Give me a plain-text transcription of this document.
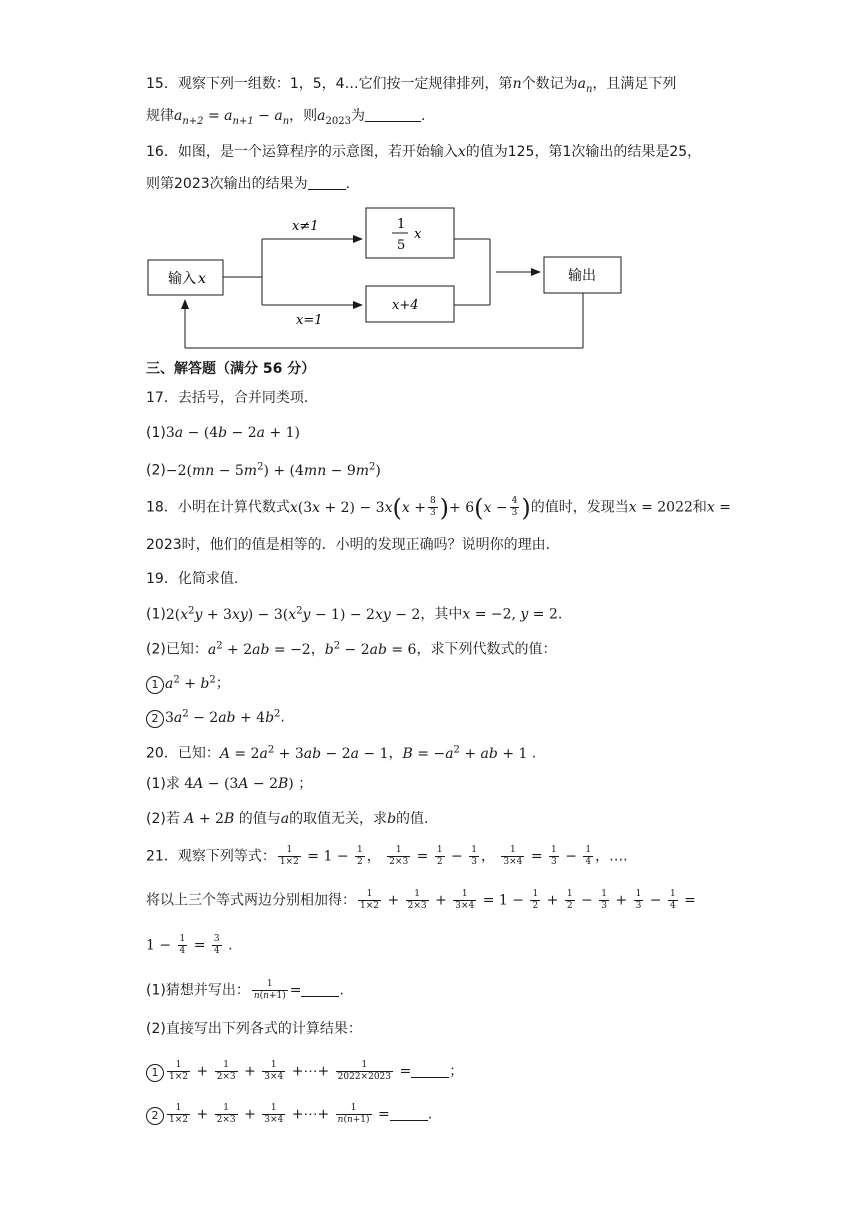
15．观察下列一组数：1，5，4…它们按一定规律排列，第n个数记为$a_n$，且满足下列
规律$a_{n+2} = a_{n+1} - a_n$，则$a_{2023}$为	.
16．如图，是一个运算程序的示意图，若开始输入x的值为125，第1次输出的结果是25，
则第2023次输出的结果为	.
输入 x
x≠1
x=1
1
5
x
x+4
输出
三、解答题（满分 56 分）
17．去括号，合并同类项.
(1)3a − (4b − 2a + 1)
$(2)-2(mn - 5m^2) + (4mn - 9m^2)$
18．小明在计算代数式$x(3x + 2) - 3x(x + \frac{8}{3}$ )+ $6(x - \frac{4}{3}$ )的值时，发现当x = 2022和x =
2023时，他们的值是相等的．小明的发现正确吗？说明你的理由.
19．化简求值.
$(1)2(x^2y + 3xy) - 3(x^2y - 1) - 2xy - 2$，其中x = −2, y = 2.
(2)已知：$a^2 + 2ab = -2$，$b^2 - 2ab = 6$，求下列代数式的值：
1 $a^2 + b^2$；
2 $3a^2 - 2ab + 4b^2$.
20．已知：$A = 2a^2 + 3ab - 2a - 1$，$B = -a^2$ + ab + 1 .
(1)求 4A − (3A − 2B) ；
(2)若 A + 2B 的值与a的取值无关，求b的值.
21．观察下列等式： $\frac{1}{1\times 2} = 1 - \frac{1}{2}$ ， $\frac{1}{2\times 3} = \frac{1}{2} - \frac{1}{3}$ ， $\frac{1}{3\times 4} = \frac{1}{3} - \frac{1}{4}$ ，….
将以上三个等式两边分别相加得： $\frac{1}{1\times 2} + \frac{1}{2\times 3} + \frac{1}{3\times 4} = 1 - \frac{1}{2} + \frac{1}{2} - \frac{1}{3} + \frac{1}{3} - \frac{1}{4}$ =
$1 - \frac{1}{4} = \frac{3}{4}$ .
(1)猜想并写出： $\frac{1}{n(n+1)}$ =	.
(2)直接写出下列各式的计算结果：
$1 \frac{1}{1\times 2} + \frac{1}{2\times 3} + \frac{1}{3\times 4}$ +⋯+ $\frac{1}{2022\times 2023}$ =	；
$2 \frac{1}{1\times 2} + \frac{1}{2\times 3} + \frac{1}{3\times 4}$ +⋯+ $\frac{1}{n(n+1)}$ =	.
